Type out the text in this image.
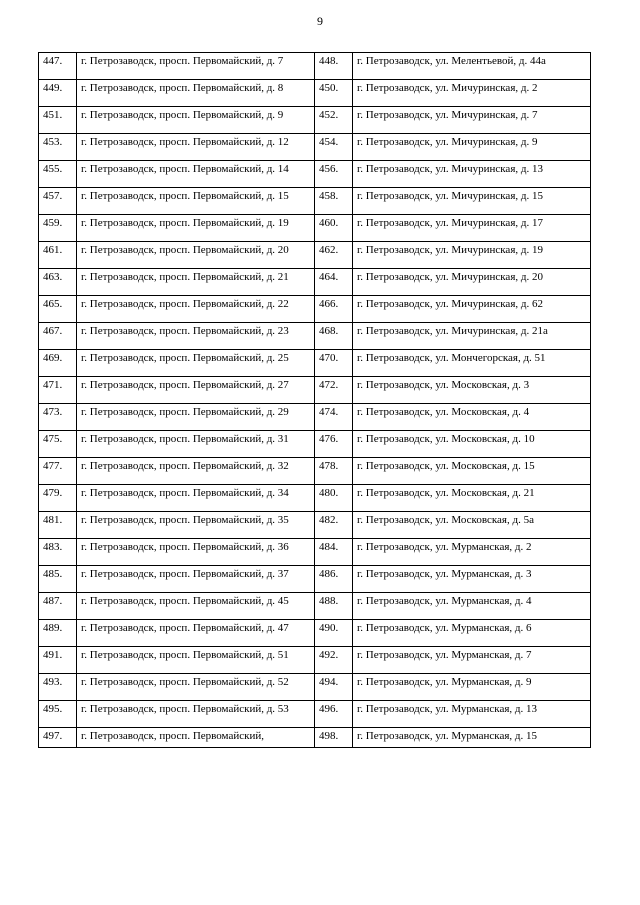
9
447.	г. Петрозаводск, просп. Первомайский, д. 7	448.	г. Петрозаводск, ул. Мелентьевой, д. 44а
449.	г. Петрозаводск, просп. Первомайский, д. 8	450.	г. Петрозаводск, ул. Мичуринская, д. 2
451.	г. Петрозаводск, просп. Первомайский, д. 9	452.	г. Петрозаводск, ул. Мичуринская, д. 7
453.	г. Петрозаводск, просп. Первомайский, д. 12	454.	г. Петрозаводск, ул. Мичуринская, д. 9
455.	г. Петрозаводск, просп. Первомайский, д. 14	456.	г. Петрозаводск, ул. Мичуринская, д. 13
457.	г. Петрозаводск, просп. Первомайский, д. 15	458.	г. Петрозаводск, ул. Мичуринская, д. 15
459.	г. Петрозаводск, просп. Первомайский, д. 19	460.	г. Петрозаводск, ул. Мичуринская, д. 17
461.	г. Петрозаводск, просп. Первомайский, д. 20	462.	г. Петрозаводск, ул. Мичуринская, д. 19
463.	г. Петрозаводск, просп. Первомайский, д. 21	464.	г. Петрозаводск, ул. Мичуринская, д. 20
465.	г. Петрозаводск, просп. Первомайский, д. 22	466.	г. Петрозаводск, ул. Мичуринская, д. 62
467.	г. Петрозаводск, просп. Первомайский, д. 23	468.	г. Петрозаводск, ул. Мичуринская, д. 21а
469.	г. Петрозаводск, просп. Первомайский, д. 25	470.	г. Петрозаводск, ул. Мончегорская, д. 51
471.	г. Петрозаводск, просп. Первомайский, д. 27	472.	г. Петрозаводск, ул. Московская, д. 3
473.	г. Петрозаводск, просп. Первомайский, д. 29	474.	г. Петрозаводск, ул. Московская, д. 4
475.	г. Петрозаводск, просп. Первомайский, д. 31	476.	г. Петрозаводск, ул. Московская, д. 10
477.	г. Петрозаводск, просп. Первомайский, д. 32	478.	г. Петрозаводск, ул. Московская, д. 15
479.	г. Петрозаводск, просп. Первомайский, д. 34	480.	г. Петрозаводск, ул. Московская, д. 21
481.	г. Петрозаводск, просп. Первомайский, д. 35	482.	г. Петрозаводск, ул. Московская, д. 5а
483.	г. Петрозаводск, просп. Первомайский, д. 36	484.	г. Петрозаводск, ул. Мурманская, д. 2
485.	г. Петрозаводск, просп. Первомайский, д. 37	486.	г. Петрозаводск, ул. Мурманская, д. 3
487.	г. Петрозаводск, просп. Первомайский, д. 45	488.	г. Петрозаводск, ул. Мурманская, д. 4
489.	г. Петрозаводск, просп. Первомайский, д. 47	490.	г. Петрозаводск, ул. Мурманская, д. 6
491.	г. Петрозаводск, просп. Первомайский, д. 51	492.	г. Петрозаводск, ул. Мурманская, д. 7
493.	г. Петрозаводск, просп. Первомайский, д. 52	494.	г. Петрозаводск, ул. Мурманская, д. 9
495.	г. Петрозаводск, просп. Первомайский, д. 53	496.	г. Петрозаводск, ул. Мурманская, д. 13
497.	г. Петрозаводск, просп. Первомайский,	498.	г. Петрозаводск, ул. Мурманская, д. 15
